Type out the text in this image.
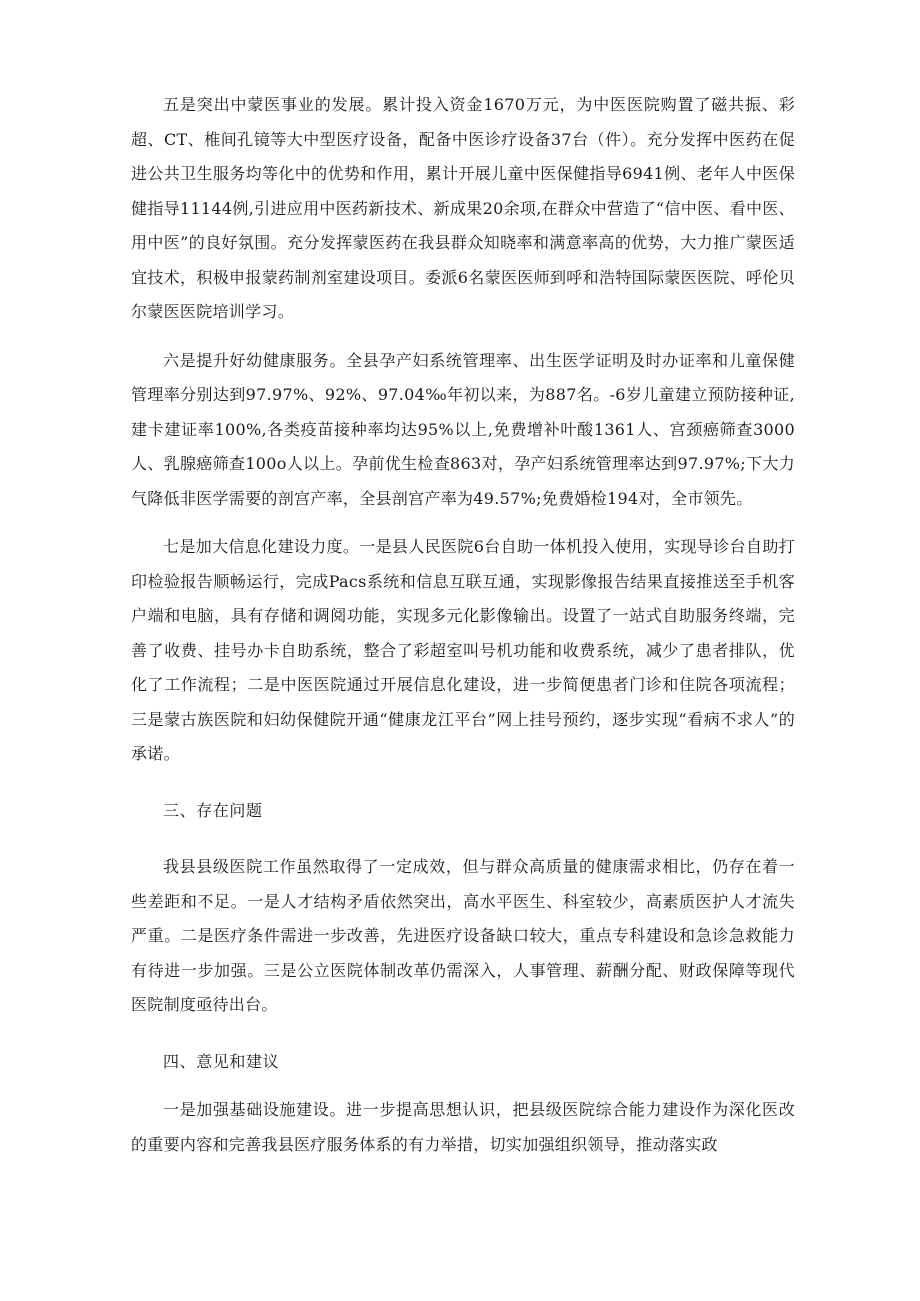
五是突出中蒙医事业的发展。累计投入资金1670万元，为中医医院购置了磁共振、彩超、CT、椎间孔镜等大中型医疗设备，配备中医诊疗设备37台（件）。充分发挥中医药在促进公共卫生服务均等化中的优势和作用，累计开展儿童中医保健指导6941例、老年人中医保健指导11144例,引进应用中医药新技术、新成果20余项,在群众中营造了“信中医、看中医、用中医”的良好氛围。充分发挥蒙医药在我县群众知晓率和满意率高的优势，大力推广蒙医适宜技术，积极申报蒙药制剂室建设项目。委派6名蒙医医师到呼和浩特国际蒙医医院、呼伦贝尔蒙医医院培训学习。

六是提升好幼健康服务。全县孕产妇系统管理率、出生医学证明及时办证率和儿童保健管理率分别达到97.97%、92%、97.04‰年初以来，为887名。-6岁儿童建立预防接种证,建卡建证率100%,各类疫苗接种率均达95%以上,免费增补叶酸1361人、宫颈癌筛查3000人、乳腺癌筛查100o人以上。孕前优生检查863对，孕产妇系统管理率达到97.97%;下大力气降低非医学需要的剖宫产率，全县剖宫产率为49.57%;免费婚检194对，全市领先。

七是加大信息化建设力度。一是县人民医院6台自助一体机投入使用，实现导诊台自助打印检验报告顺畅运行，完成Pacs系统和信息互联互通，实现影像报告结果直接推送至手机客户端和电脑，具有存储和调阅功能，实现多元化影像输出。设置了一站式自助服务终端，完善了收费、挂号办卡自助系统，整合了彩超室叫号机功能和收费系统，减少了患者排队，优化了工作流程；二是中医医院通过开展信息化建设，进一步简便患者门诊和住院各项流程；三是蒙古族医院和妇幼保健院开通“健康龙江平台”网上挂号预约，逐步实现“看病不求人”的承诺。

三、存在问题

我县县级医院工作虽然取得了一定成效，但与群众高质量的健康需求相比，仍存在着一些差距和不足。一是人才结构矛盾依然突出，高水平医生、科室较少，高素质医护人才流失严重。二是医疗条件需进一步改善，先进医疗设备缺口较大，重点专科建设和急诊急救能力有待进一步加强。三是公立医院体制改革仍需深入，人事管理、薪酬分配、财政保障等现代医院制度亟待出台。

四、意见和建议

一是加强基础设施建设。进一步提高思想认识，把县级医院综合能力建设作为深化医改的重要内容和完善我县医疗服务体系的有力举措，切实加强组织领导，推动落实政
